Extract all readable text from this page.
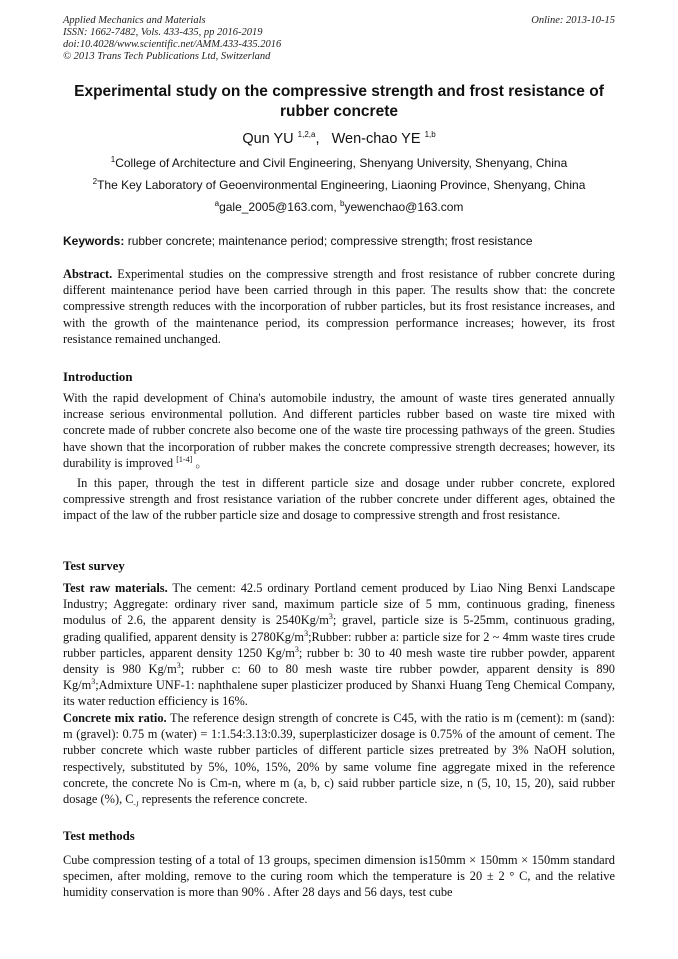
Applied Mechanics and Materials
ISSN: 1662-7482, Vols. 433-435, pp 2016-2019
doi:10.4028/www.scientific.net/AMM.433-435.2016
© 2013 Trans Tech Publications Ltd, Switzerland
Online: 2013-10-15
Experimental study on the compressive strength and frost resistance of rubber concrete
Qun YU $^{1,2,a}$,   Wen-chao YE $^{1,b}$
$^1$College of Architecture and Civil Engineering, Shenyang University, Shenyang, China
$^2$The Key Laboratory of Geoenvironmental Engineering, Liaoning Province, Shenyang, China
$^a$gale_2005@163.com, $^b$yewenchao@163.com
Keywords: rubber concrete; maintenance period; compressive strength; frost resistance

Abstract. Experimental studies on the compressive strength and frost resistance of rubber concrete during different maintenance period have been carried through in this paper. The results show that: the concrete compressive strength reduces with the incorporation of rubber particles, but its frost resistance increases, and with the growth of the maintenance period, its compression performance increases; however, its frost resistance remained unchanged.

Introduction

With the rapid development of China's automobile industry, the amount of waste tires generated annually increase serious environmental pollution. And different particles rubber based on waste tire mixed with concrete made of rubber concrete also become one of the waste tire processing pathways of the green. Studies have shown that the incorporation of rubber makes the concrete compressive strength decreases; however, its durability is improved [1-4] 。

In this paper, through the test in different particle size and dosage under rubber concrete, explored compressive strength and frost resistance variation of the rubber concrete under different ages, obtained the impact of the law of the rubber particle size and dosage to compressive strength and frost resistance.

Test survey

Test raw materials. The cement: 42.5 ordinary Portland cement produced by Liao Ning Benxi Landscape Industry; Aggregate: ordinary river sand, maximum particle size of 5 mm, continuous grading, fineness modulus of 2.6, the apparent density is $2540Kg/m^3$; gravel, particle size is 5-25mm, continuous grading, grading qualified, apparent density is $2780Kg/m^3;Rubber$: rubber a: particle size for 2 ~ 4mm waste tires crude rubber particles, apparent density 1250 $Kg/m^3$; rubber b: 30 to 40 mesh waste tire rubber powder, apparent density is 980 $Kg/m^3$; rubber c: 60 to 80 mesh waste tire rubber powder, apparent density is 890 $Kg/m^3;Admixture$ UNF-1: naphthalene super plasticizer produced by Shanxi Huang Teng Chemical Company, its water reduction efficiency is 16%.

Concrete mix ratio. The reference design strength of concrete is C45, with the ratio is m (cement): m (sand): m (gravel): 0.75 m (water) = 1:1.54:3.13:0.39, superplasticizer dosage is 0.75% of the amount of cement. The rubber concrete which waste rubber particles of different particle sizes pretreated by 3% NaOH solution, respectively, substituted by 5%, 10%, 15%, 20% by same volume fine aggregate mixed in the reference concrete, the concrete No is Cm-n, where m (a, b, c) said rubber particle size, n (5, 10, 15, 20), said rubber dosage (%), $C_{-J}$ represents the reference concrete.

Test methods

Cube compression testing of a total of 13 groups, specimen dimension is150mm × 150mm × 150mm standard specimen, after molding, remove to the curing room which the temperature is 20 ± 2 ° C, and the relative humidity conservation is more than 90% . After 28 days and 56 days, test cube
